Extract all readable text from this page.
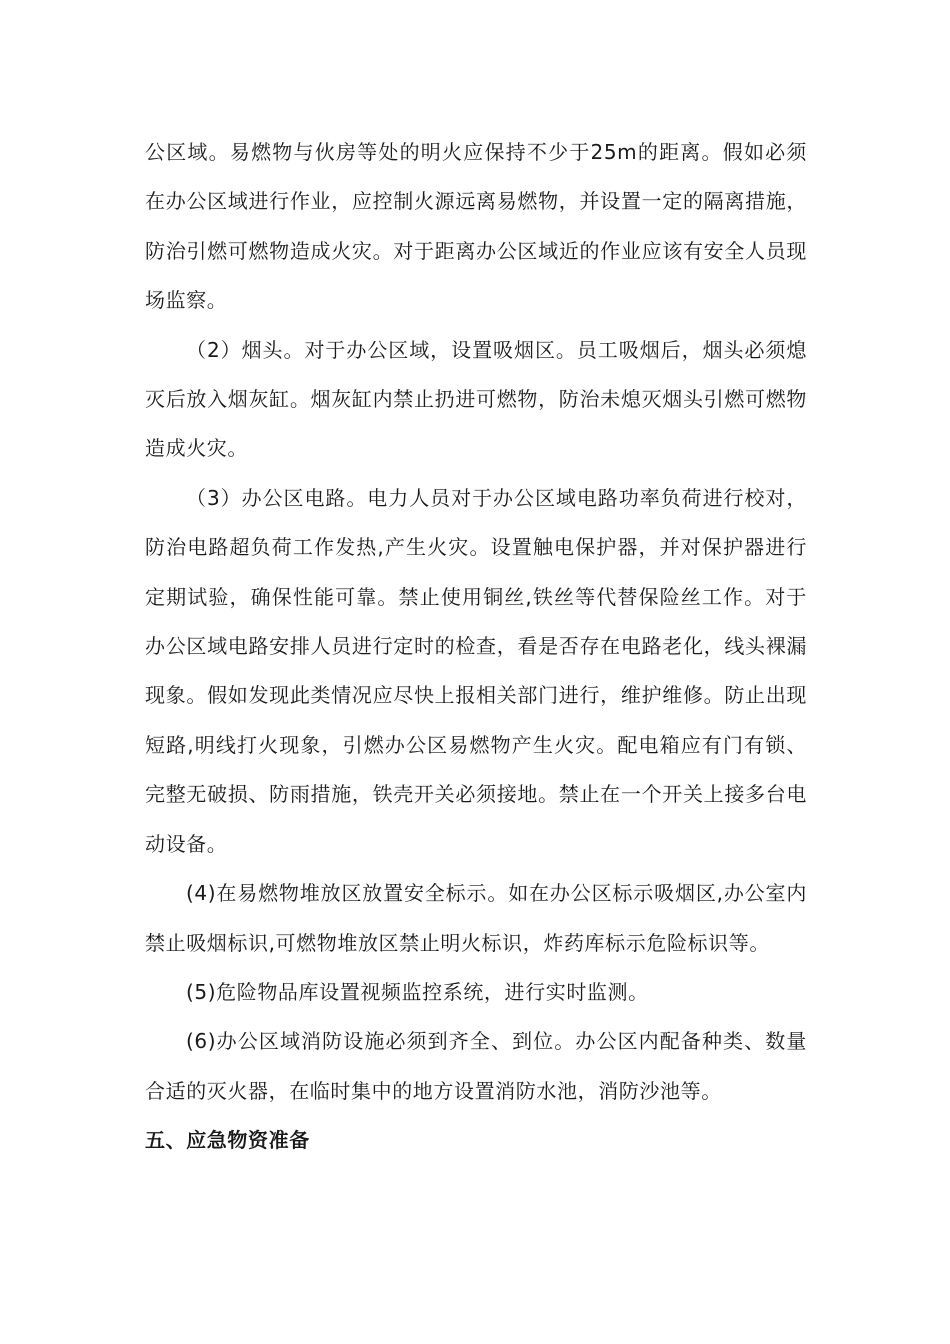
公区域。易燃物与伙房等处的明火应保持不少于25m的距离。假如必须在办公区域进行作业，应控制火源远离易燃物，并设置一定的隔离措施，防治引燃可燃物造成火灾。对于距离办公区域近的作业应该有安全人员现场监察。

（2）烟头。对于办公区域，设置吸烟区。员工吸烟后，烟头必须熄灭后放入烟灰缸。烟灰缸内禁止扔进可燃物，防治未熄灭烟头引燃可燃物造成火灾。

（3）办公区电路。电力人员对于办公区域电路功率负荷进行校对，防治电路超负荷工作发热,产生火灾。设置触电保护器，并对保护器进行定期试验，确保性能可靠。禁止使用铜丝,铁丝等代替保险丝工作。对于办公区域电路安排人员进行定时的检查，看是否存在电路老化，线头裸漏现象。假如发现此类情况应尽快上报相关部门进行，维护维修。防止出现短路,明线打火现象，引燃办公区易燃物产生火灾。配电箱应有门有锁、完整无破损、防雨措施，铁壳开关必须接地。禁止在一个开关上接多台电动设备。

(4)在易燃物堆放区放置安全标示。如在办公区标示吸烟区,办公室内禁止吸烟标识,可燃物堆放区禁止明火标识，炸药库标示危险标识等。

(5)危险物品库设置视频监控系统，进行实时监测。

(6)办公区域消防设施必须到齐全、到位。办公区内配备种类、数量合适的灭火器，在临时集中的地方设置消防水池，消防沙池等。

五、应急物资准备
